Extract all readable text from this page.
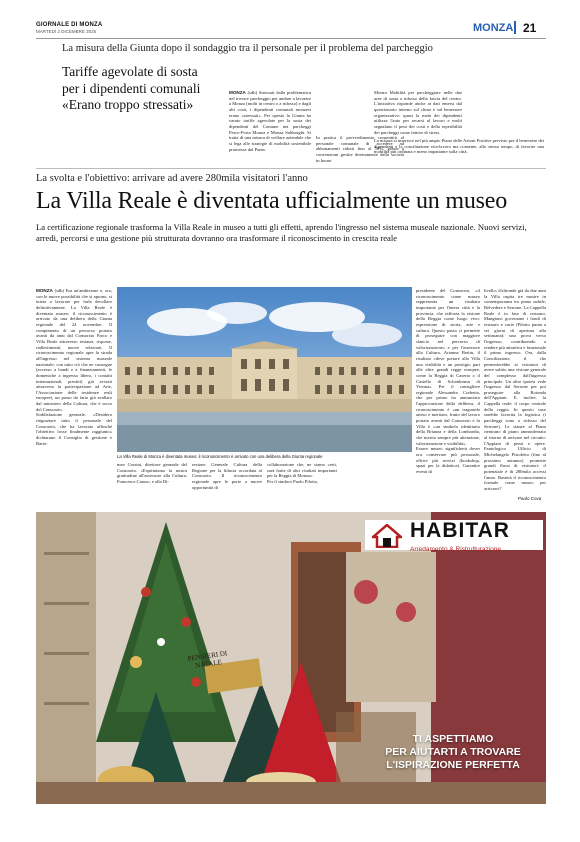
GIORNALE DI MONZA
MARTEDÌ 2 DICEMBRE 2025	MONZA 21
La misura della Giunta dopo il sondaggio tra il personale per il problema del parcheggio
Tariffe agevolate di sosta
per i dipendenti comunali
«Erano troppo stressati»
MONZA (sdb) Stressati dalla problematica nel trovare parcheggio per andare a lavorare a Monza (molti in centro o a ridosso) e dagli alti costi, i dipendenti comunali monzesi erano «stressati». Per questo la Giunta ha varato tariffe agevolate per la sosta dei dipendenti del Comune nei parcheggi Parco-Porta Monza e Monza Sobborghi. Si tratta di una misura di welfare aziendale che si lega alle strategie di mobilità sostenibile promosse dal Pums.
In pratica il provvedimento consentirà al personale comunale di accedere ad abbonamenti ridotti fino al 50%, grazie a convenzioni gestite direttamente dalla società in house
Monza Mobilità per parcheggiare nelle due aree di sosta a ridosso della fascia del centro. L'iniziativa risponde anche ai dati emersi dal questionario interno sul clima e sul benessere organizzativo: quasi la metà dei dipendenti utilizza l'auto per recarsi al lavoro e molti segnalano il peso dei costi e della reperibilità dei parcheggi come fattore di stress.
La misura si inserisce nel più ampio Piano delle Azioni Positive previsto per il benessere dei dipendenti e la conciliazione vita-lavoro ma consente, allo stesso tempo, di favorire una mobilità più ordinata e meno impattante sulla città.
La svolta e l'obiettivo: arrivare ad avere 280mila visitatori l'anno
La Villa Reale è diventata ufficialmente un museo
La certificazione regionale trasforma la Villa Reale in museo a tutti gli effetti, aprendo l'ingresso nel sistema museale nazionale. Nuovi servizi, arredi, percorsi e una gestione più strutturata dovranno ora trasformare il riconoscimento in crescita reale
MONZA (sdb) Era un'ambizione e, ora, con le nuove possibilità che si aprono, si inizia a lavorare per farla decollare definitivamente. La Villa Reale è diventata museo: il riconoscimento è arrivato da una delibera della Giunta regionale del 24 novembre. Il compimento di un percorso portato avanti da anni dal Consorzio Parco e Villa Reale attraverso restauri, risposte, riallestimenti, nuove relazioni. Il riconoscimento regionale apre la strada all'ingresso nel sistema museale nazionale; con tutto ciò che ne consegue (accesso a bandi e a finanziamenti, le domeniche a ingresso libero, i contatti internazionali, prestiti) già avviati attraverso la partecipazione ad Arte, l'Associazione delle residenze reali europee), un passo da fatto già avallato dal ministero della Cultura, che è socio del Consorzio.
Soddisfazione generale. «Desidero ringraziare tutto il personale del Consorzio, che ha lavorato affinché l'obiettivo fosse finalmente raggiunto» dichiarano il Consiglio di gestione e Barto-
La Villa Reale di Monza è diventata museo: il riconoscimento è arrivato con una delibera della Giunta regionale
meo Corsini, direttore generale del Consorzio. «Esprimiamo la nostra gratitudine all'assessore alla Cultura, Francesca Caruso, e alla Di-
rezione Generale Cultura della Regione per la fiducia accordata al Consorzio. Il riconoscimento regionale apre le porte a nuove opportunità di
collaborazione che, ne siamo certi, sarà fonte di altri risultati importanti per la Reggia di Monza».
Per il sindaco Paolo Pilotto,
presidente del Consorzio, «il riconoscimento come museo rappresenta un risultato importante per l'intera città e la provincia, che rafforza la visione della Reggia come luogo vivo: espressione di storia, arte e cultura. Questo passo ci permette di proseguire con maggiore slancio nel percorso di valorizzazione» e per l'assessore alla Cultura, Arianna Bettin, il risultato «deve portare alla Villa una visibilità e un prestigio pari alle altre grandi regge europee, come la Reggia di Caserta o il Castello di Schönbrunn di Vienna». Per il consigliere regionale Alessandro Corbetta, che per primo ha annunciato l'approvazione della delibera, il riconoscimento è «un traguardo atteso e meritato, frutto del lavoro portato avanti dal Consorzio e fa Villa è «un simbolo identitario della Brianza e della Lombardia, che merita sempre più attenzione, valorizzazione e visibilità».
Essere museo significherà dover ora conservare più personale, offrire più servizi (bookshop, spazi per la didattica). Garantire eventi di
livello; d'altronde già da due anni la Villa ospita tre mostre in contemporanea tra piano nobile, Belvedere e Serrone. La Cappella Reale è in fase di restauro, Mangiarsi governane i fondi di restauro e varie (Pilotto punta a sei giorni di apertura alla settimana): una prova verso l'ingresso, contribuendo a rendere più attrattiva e funzionale il primo ingresso. Ora, dalla Conciliazione, il che permetterebbe ai visitatori di avere subito una visione generale del complesso dall'ingresso principale. Un altro ipotesi vede l'ingresso dal Serrone per poi proseguire alla Rotonda dell'Appiani. E, inoltre, la Cappella reale, il corpo centrale della reggia. In questo caso sarebbe favorita la logistica (i parcheggi sono a ridosso del Serrone). Le stanze al Piano rientrano di piano ammodernato al ritorno di arrivare nel circuito: l'Appiani di pezzi e opere. Fantologico Ufficio di Michelangelo Pistoletto (fino al prossimo autunno) promette grandi flussi di visitatori: il potenziale è di 280mila accessi l'anno. Basterà il riconoscimento formale come museo per arrivarci?
Paolo Cova
PENSIERI DI NATALE
HABITAR
Arredamento & Ristrutturazione
TI ASPETTIAMO
PER AIUTARTI A TROVARE
L'ISPIRAZIONE PERFETTA
